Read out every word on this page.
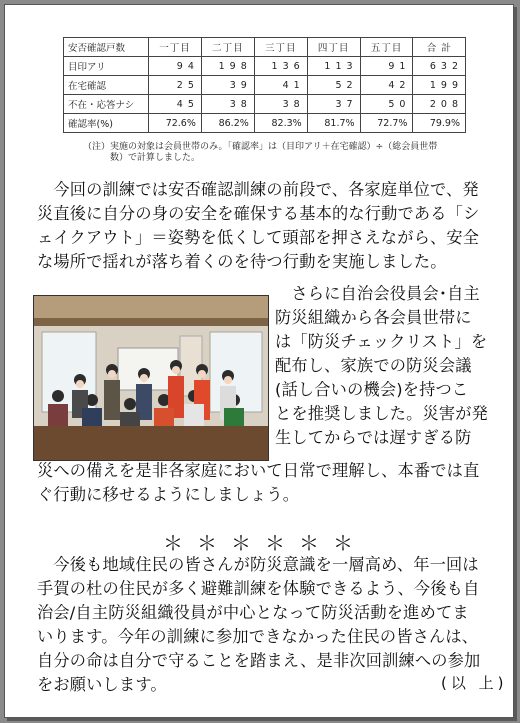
安否確認戸数	一丁目	二丁目	三丁目	四丁目	五丁目	合 計
目印アリ	94	198	136	113	91	632
在宅確認	25	39	41	52	42	199
不在・応答ナシ	45	38	38	37	50	208
確認率(%)	72.6%	86.2%	82.3%	81.7%	72.7%	79.9%
（注）実施の対象は会員世帯のみ。「確認率」は（目印アリ＋在宅確認）÷（総会員世帯
　　　数）で計算しました。
　今回の訓練では安否確認訓練の前段で、各家庭単位で、発
災直後に自分の身の安全を確保する基本的な行動である「シ
ェイクアウト」＝姿勢を低くして頭部を押さえながら、安全
な場所で揺れが落ち着くのを待つ行動を実施しました。
　さらに自治会役員会･自主
防災組織から各会員世帯に
は「防災チェックリスト」を
配布し、家族での防災会議
(話し合いの機会)を持つこ
とを推奨しました。災害が発
生してからでは遅すぎる防
災への備えを是非各家庭において日常で理解し、本番では直
ぐ行動に移せるようにしましょう。
＊＊＊＊＊＊
　今後も地域住民の皆さんが防災意識を一層高め、年一回は
手賀の杜の住民が多く避難訓練を体験できるよう、今後も自
治会/自主防災組織役員が中心となって防災活動を進めてま
いります。今年の訓練に参加できなかった住民の皆さんは、
自分の命は自分で守ることを踏まえ、是非次回訓練への参加
をお願いします。	(以 上)
